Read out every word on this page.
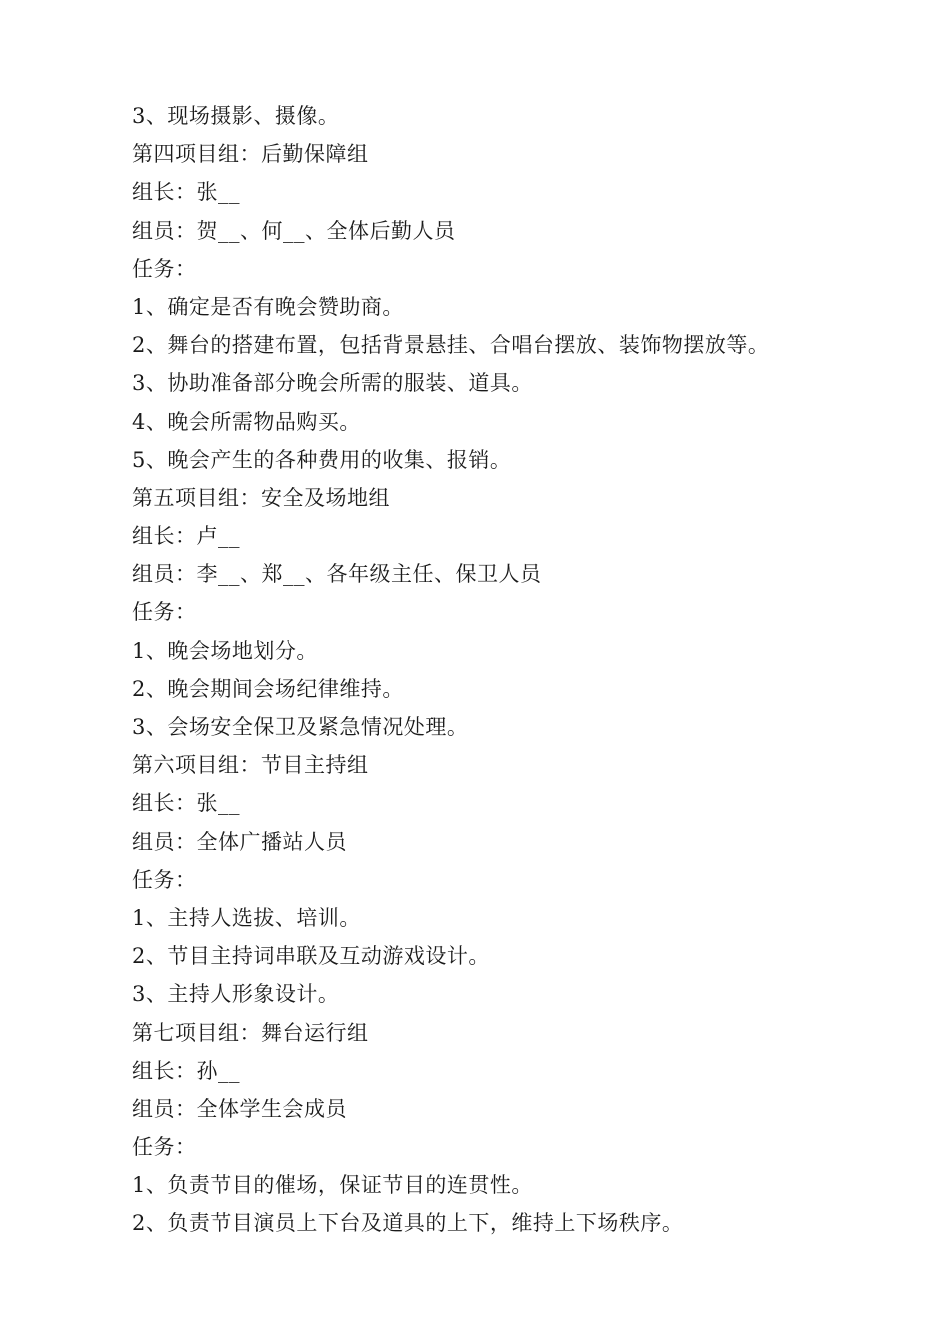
3、现场摄影、摄像。
第四项目组：后勤保障组
组长：张__
组员：贺__、何__、全体后勤人员
任务：
1、确定是否有晚会赞助商。
2、舞台的搭建布置，包括背景悬挂、合唱台摆放、装饰物摆放等。
3、协助准备部分晚会所需的服装、道具。
4、晚会所需物品购买。
5、晚会产生的各种费用的收集、报销。
第五项目组：安全及场地组
组长：卢__
组员：李__、郑__、各年级主任、保卫人员
任务：
1、晚会场地划分。
2、晚会期间会场纪律维持。
3、会场安全保卫及紧急情况处理。
第六项目组：节目主持组
组长：张__
组员：全体广播站人员
任务：
1、主持人选拔、培训。
2、节目主持词串联及互动游戏设计。
3、主持人形象设计。
第七项目组：舞台运行组
组长：孙__
组员：全体学生会成员
任务：
1、负责节目的催场，保证节目的连贯性。
2、负责节目演员上下台及道具的上下，维持上下场秩序。
